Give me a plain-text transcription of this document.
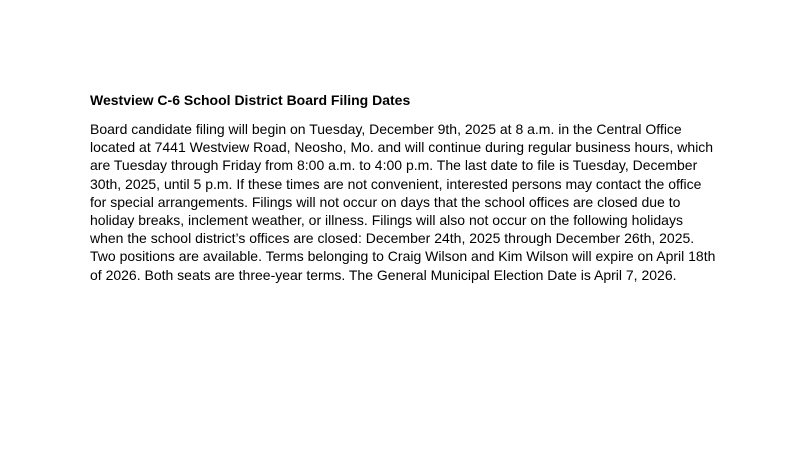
Westview C-6 School District Board Filing Dates

Board candidate filing will begin on Tuesday, December 9th, 2025 at 8 a.m. in the Central Office located at 7441 Westview Road, Neosho, Mo. and will continue during regular business hours, which are Tuesday through Friday from 8:00 a.m. to 4:00 p.m. The last date to file is Tuesday, December 30th, 2025, until 5 p.m. If these times are not convenient, interested persons may contact the office for special arrangements. Filings will not occur on days that the school offices are closed due to holiday breaks, inclement weather, or illness. Filings will also not occur on the following holidays when the school district’s offices are closed: December 24th, 2025 through December 26th, 2025. Two positions are available. Terms belonging to Craig Wilson and Kim Wilson will expire on April 18th of 2026. Both seats are three-year terms. The General Municipal Election Date is April 7, 2026.
